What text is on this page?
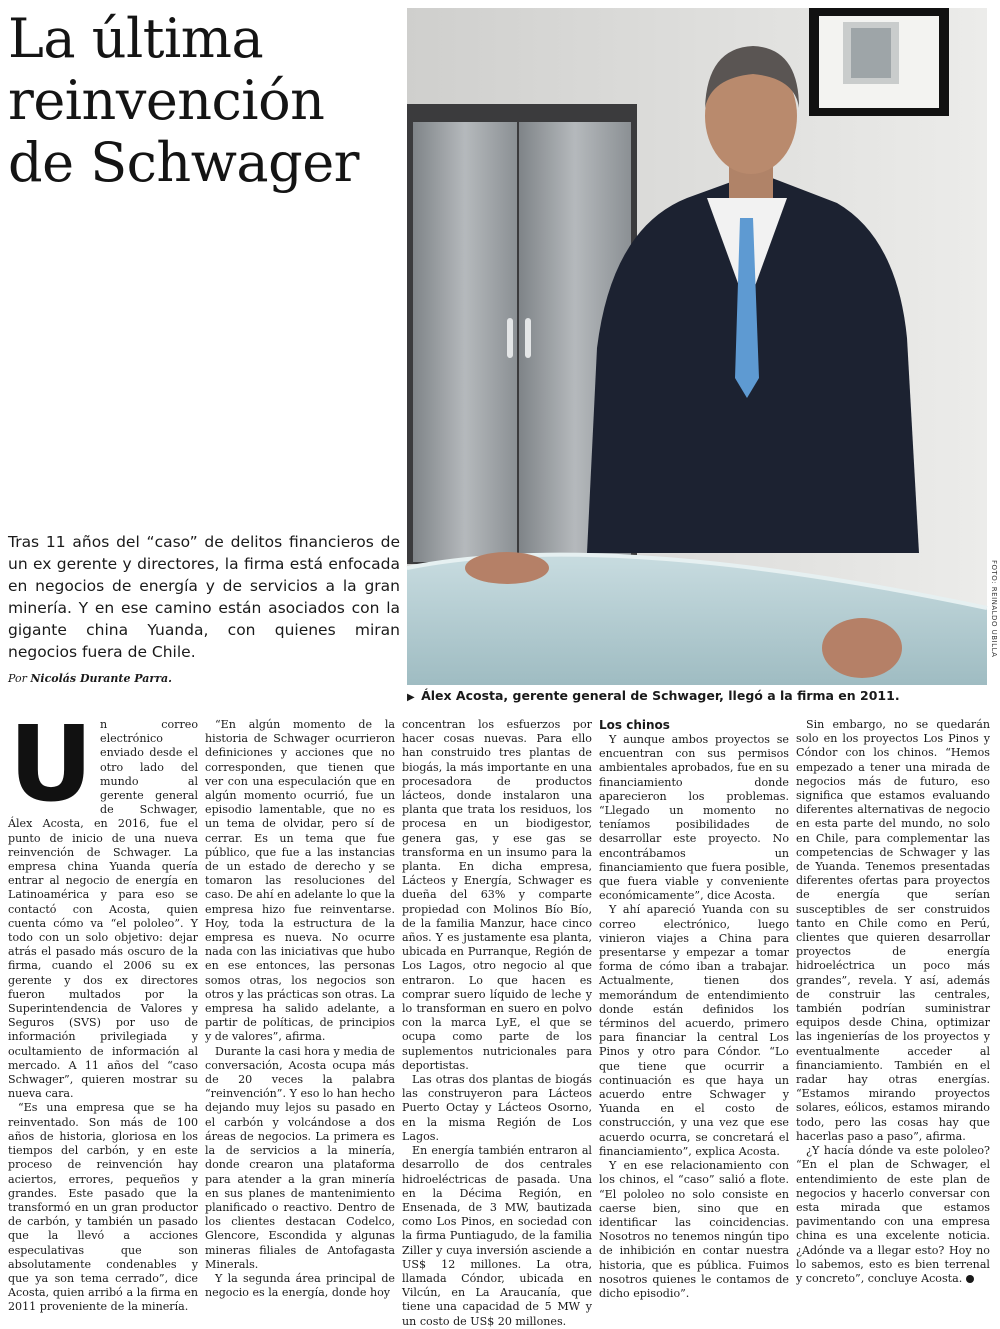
La última
reinvención
de Schwager
FOTO: REINALDO UBILLA
▶ Álex Acosta, gerente general de Schwager, llegó a la firma en 2011.
Tras 11 años del “caso” de delitos financieros de un ex gerente y directores, la firma está enfocada en negocios de energía y de servicios a la gran minería. Y en ese camino están asociados con la gigante china Yuanda, con quienes miran negocios fuera de Chile.
Por Nicolás Durante Parra.
U n correo electrónico enviado desde el otro lado del mundo al gerente general de Schwager, Álex Acosta, en 2016, fue el punto de inicio de una nueva reinvención de Schwager. La empresa china Yuanda quería entrar al negocio de energía en Latinoamérica y para eso se contactó con Acosta, quien cuenta cómo va “el pololeo”. Y todo con un solo objetivo: dejar atrás el pasado más oscuro de la firma, cuando el 2006 su ex gerente y dos ex directores fueron multados por la Superintendencia de Valores y Seguros (SVS) por uso de información privilegiada y ocultamiento de información al mercado. A 11 años del “caso Schwager”, quieren mostrar su nueva cara.

“Es una empresa que se ha reinventado. Son más de 100 años de historia, gloriosa en los tiempos del carbón, y en este proceso de reinvención hay aciertos, errores, pequeños y grandes. Este pasado que la transformó en un gran productor de carbón, y también un pasado que la llevó a acciones especulativas que son absolutamente condenables y que ya son tema cerrado”, dice Acosta, quien arribó a la firma en 2011 proveniente de la minería.

“En algún momento de la historia de Schwager ocurrieron definiciones y acciones que no corresponden, que tienen que ver con una especulación que en algún momento ocurrió, fue un episodio lamentable, que no es un tema de olvidar, pero sí de cerrar. Es un tema que fue público, que fue a las instancias de un estado de derecho y se tomaron las resoluciones del caso. De ahí en adelante lo que la empresa hizo fue reinventarse. Hoy, toda la estructura de la empresa es nueva. No ocurre nada con las iniciativas que hubo en ese entonces, las personas somos otras, los negocios son otros y las prácticas son otras. La empresa ha salido adelante, a partir de políticas, de principios y de valores”, afirma.

Durante la casi hora y media de conversación, Acosta ocupa más de 20 veces la palabra “reinvención”. Y eso lo han hecho dejando muy lejos su pasado en el carbón y volcándose a dos áreas de negocios. La primera es la de servicios a la minería, donde crearon una plataforma para atender a la gran minería en sus planes de mantenimiento planificado o reactivo. Dentro de los clientes destacan Codelco, Glencore, Escondida y algunas mineras filiales de Antofagasta Minerals.

Y la segunda área principal de negocio es la energía, donde hoy

concentran los esfuerzos por hacer cosas nuevas. Para ello han construido tres plantas de biogás, la más importante en una procesadora de productos lácteos, donde instalaron una planta que trata los residuos, los procesa en un biodigestor, genera gas, y ese gas se transforma en un insumo para la planta. En dicha empresa, Lácteos y Energía, Schwager es dueña del 63% y comparte propiedad con Molinos Bío Bío, de la familia Manzur, hace cinco años. Y es justamente esa planta, ubicada en Purranque, Región de Los Lagos, otro negocio al que entraron. Lo que hacen es comprar suero líquido de leche y lo transforman en suero en polvo con la marca LyE, el que se ocupa como parte de los suplementos nutricionales para deportistas.

Las otras dos plantas de biogás las construyeron para Lácteos Puerto Octay y Lácteos Osorno, en la misma Región de Los Lagos.

En energía también entraron al desarrollo de dos centrales hidroeléctricas de pasada. Una en la Décima Región, en Ensenada, de 3 MW, bautizada como Los Pinos, en sociedad con la firma Puntiagudo, de la familia Ziller y cuya inversión asciende a US$ 12 millones. La otra, llamada Cóndor, ubicada en Vilcún, en La Araucanía, que tiene una capacidad de 5 MW y un costo de US$ 20 millones.

Los chinos

Y aunque ambos proyectos se encuentran con sus permisos ambientales aprobados, fue en su financiamiento donde aparecieron los problemas. “Llegado un momento no teníamos posibilidades de desarrollar este proyecto. No encontrábamos un financiamiento que fuera posible, que fuera viable y conveniente económicamente”, dice Acosta.

Y ahí apareció Yuanda con su correo electrónico, luego vinieron viajes a China para presentarse y empezar a tomar forma de cómo iban a trabajar. Actualmente, tienen dos memorándum de entendimiento donde están definidos los términos del acuerdo, primero para financiar la central Los Pinos y otro para Cóndor. “Lo que tiene que ocurrir a continuación es que haya un acuerdo entre Schwager y Yuanda en el costo de construcción, y una vez que ese acuerdo ocurra, se concretará el financiamiento”, explica Acosta.

Y en ese relacionamiento con los chinos, el “caso” salió a flote. “El pololeo no solo consiste en caerse bien, sino que en identificar las coincidencias. Nosotros no tenemos ningún tipo de inhibición en contar nuestra historia, que es pública. Fuimos nosotros quienes le contamos de dicho episodio”.

Sin embargo, no se quedarán solo en los proyectos Los Pinos y Cóndor con los chinos. “Hemos empezado a tener una mirada de negocios más de futuro, eso significa que estamos evaluando diferentes alternativas de negocio en esta parte del mundo, no solo en Chile, para complementar las competencias de Schwager y las de Yuanda. Tenemos presentadas diferentes ofertas para proyectos de energía que serían susceptibles de ser construidos tanto en Chile como en Perú, clientes que quieren desarrollar proyectos de energía hidroeléctrica un poco más grandes”, revela. Y así, además de construir las centrales, también podrían suministrar equipos desde China, optimizar las ingenierías de los proyectos y eventualmente acceder al financiamiento. También en el radar hay otras energías. “Estamos mirando proyectos solares, eólicos, estamos mirando todo, pero las cosas hay que hacerlas paso a paso”, afirma.

¿Y hacía dónde va este pololeo? “En el plan de Schwager, el entendimiento de este plan de negocios y hacerlo conversar con esta mirada que estamos pavimentando con una empresa china es una excelente noticia. ¿Adónde va a llegar esto? Hoy no lo sabemos, esto es bien terrenal y concreto”, concluye Acosta.
